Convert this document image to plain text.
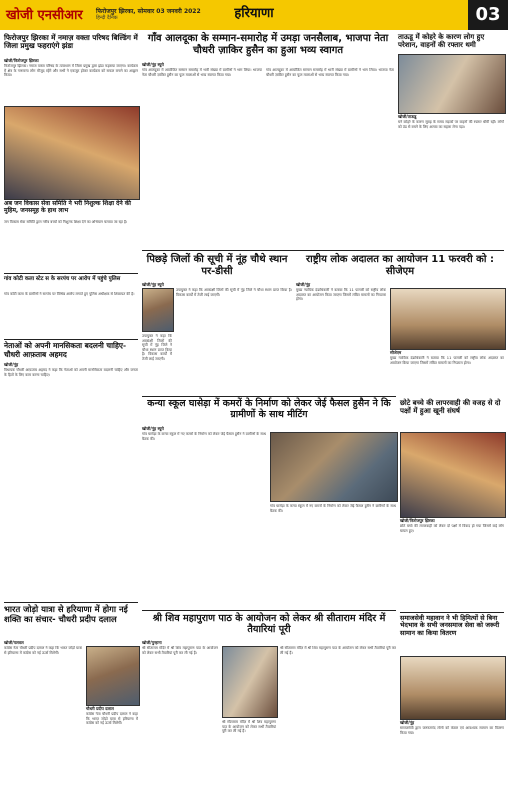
खोजी एनसीआर फिरोजपुर झिरका, सोमवार 03 जनवरी 2022
हिन्दी दैनिक	हरियाणा	03
फिरोजपुर झिरका में नमाज़ वक्ता परिषद बिल्डिंग में जिला प्रमुख फहराएंगे झंडा
खोजी/फिरोजपुर झिरका
फिरोजपुर झिरका। नमाज वक्ता परिषद के तत्वाधान में जिला प्रमुख द्वारा झंडा फहराया जाएगा। कार्यक्रम में क्षेत्र के गणमान्य लोग मौजूद रहेंगे और सभी ने एकजुट होकर कार्यक्रम को सफल बनाने का आह्वान किया।
गाँव आलदूका के सम्मान-समारोह में उमड़ा जनसैलाब, भाजपा नेता चौधरी ज़ाकिर हुसैन का हुआ भव्य स्वागत
खोजी/नूंह ब्यूरो
गांव आलदूका में आयोजित सम्मान समारोह में भारी संख्या में ग्रामीणों ने भाग लिया। भाजपा नेता चौधरी ज़ाकिर हुसैन का फूल मालाओं से भव्य स्वागत किया गया।
गांव आलदूका में आयोजित सम्मान समारोह में भारी संख्या में ग्रामीणों ने भाग लिया। भाजपा नेता चौधरी ज़ाकिर हुसैन का फूल मालाओं से भव्य स्वागत किया गया।
ताऊडू में कोहरे के कारण लोग हुए परेशान, वाहनों की रफ्तार थमी
खोजी/ताऊडू
घने कोहरे के कारण सुबह के समय सड़कों पर वाहनों की रफ्तार धीमी रही। लोगों को ठंड से बचने के लिए अलाव का सहारा लेना पड़ा।
अब जन विकास सेवा समिति ने भरी निशुल्क शिक्षा देने की मुहिम, जनसमूह के हाथ लाभ
जन विकास सेवा समिति द्वारा गरीब बच्चों को निशुल्क शिक्षा देने का अभियान चलाया जा रहा है।
गांव कोटी कला स्टेट स के सरपंच पर आरोप में पहुंचे पुलिस
गांव कोटी कला के ग्रामीणों ने सरपंच पर विभिन्न आरोप लगाते हुए पुलिस अधीक्षक से शिकायत की है।
पिछड़े जिलों की सूची में नूंह चौथे स्थान पर-डीसी
खोजी/नूंह ब्यूरो
उपायुक्त ने कहा कि आकांक्षी जिलों की सूची में नूंह जिले ने चौथा स्थान प्राप्त किया है। विकास कार्यों में तेजी लाई जाएगी।
उपायुक्त ने कहा कि आकांक्षी जिलों की सूची में नूंह जिले ने चौथा स्थान प्राप्त किया है। विकास कार्यों में तेजी लाई जाएगी।
राष्ट्रीय लोक अदालत का आयोजन 11 फरवरी को : सीजेएम
खोजी/नूंह
मुख्य न्यायिक दंडाधिकारी ने बताया कि 11 फरवरी को राष्ट्रीय लोक अदालत का आयोजन किया जाएगा जिसमें लंबित मामलों का निपटारा होगा।
सीजेएम
मुख्य न्यायिक दंडाधिकारी ने बताया कि 11 फरवरी को राष्ट्रीय लोक अदालत का आयोजन किया जाएगा जिसमें लंबित मामलों का निपटारा होगा।
नेताओं को अपनी मानसिकता बदलनी चाहिए-चौधरी आफ़ताब अहमद
खोजी/नूंह
विधायक चौधरी आफ़ताब अहमद ने कहा कि नेताओं को अपनी मानसिकता बदलनी चाहिए और जनता के हितों के लिए काम करना चाहिए।
कन्या स्कूल घासेड़ा में कमरों के निर्माण को लेकर जेई फैसल हुसैन ने कि ग्रामीणों के साथ मीटिंग
खोजी/नूंह ब्यूरो
गांव घासेड़ा के कन्या स्कूल में नए कमरों के निर्माण को लेकर जेई फैसल हुसैन ने ग्रामीणों के साथ बैठक की।
गांव घासेड़ा के कन्या स्कूल में नए कमरों के निर्माण को लेकर जेई फैसल हुसैन ने ग्रामीणों के साथ बैठक की।
छोटे बच्चे की लापरवाही की वजह से दो पक्षों में हुआ खूनी संघर्ष
खोजी/फिरोजपुर झिरका
छोटे बच्चे की लापरवाही को लेकर दो पक्षों में विवाद हो गया जिसमें कई लोग घायल हुए।
भारत जोड़ो यात्रा से हरियाणा में होगा नई शक्ति का संचार- चौधरी प्रदीप दलाल
खोजी/पलवल
कांग्रेस नेता चौधरी प्रदीप दलाल ने कहा कि भारत जोड़ो यात्रा से हरियाणा में कांग्रेस को नई ऊर्जा मिलेगी।
चौधरी प्रदीप दलाल
कांग्रेस नेता चौधरी प्रदीप दलाल ने कहा कि भारत जोड़ो यात्रा से हरियाणा में कांग्रेस को नई ऊर्जा मिलेगी।
श्री शिव महापुराण पाठ के आयोजन को लेकर श्री सीताराम मंदिर में तैयारियां पूरी
खोजी/पुन्हाना
श्री सीताराम मंदिर में श्री शिव महापुराण पाठ के आयोजन को लेकर सभी तैयारियां पूरी कर ली गई हैं।
श्री सीताराम मंदिर में श्री शिव महापुराण पाठ के आयोजन को लेकर सभी तैयारियां पूरी कर ली गई हैं।
श्री सीताराम मंदिर में श्री शिव महापुराण पाठ के आयोजन को लेकर सभी तैयारियां पूरी कर ली गई हैं।
समाजसेवी महावान ने भी हिमित्यों से बिना भेदभाव के सभी जनसमाज सेवा को जरूरी सामान का किया वितरण
खोजी/नूंह
समाजसेवी द्वारा जरूरतमंद लोगों को कंबल एवं आवश्यक सामान का वितरण किया गया।
